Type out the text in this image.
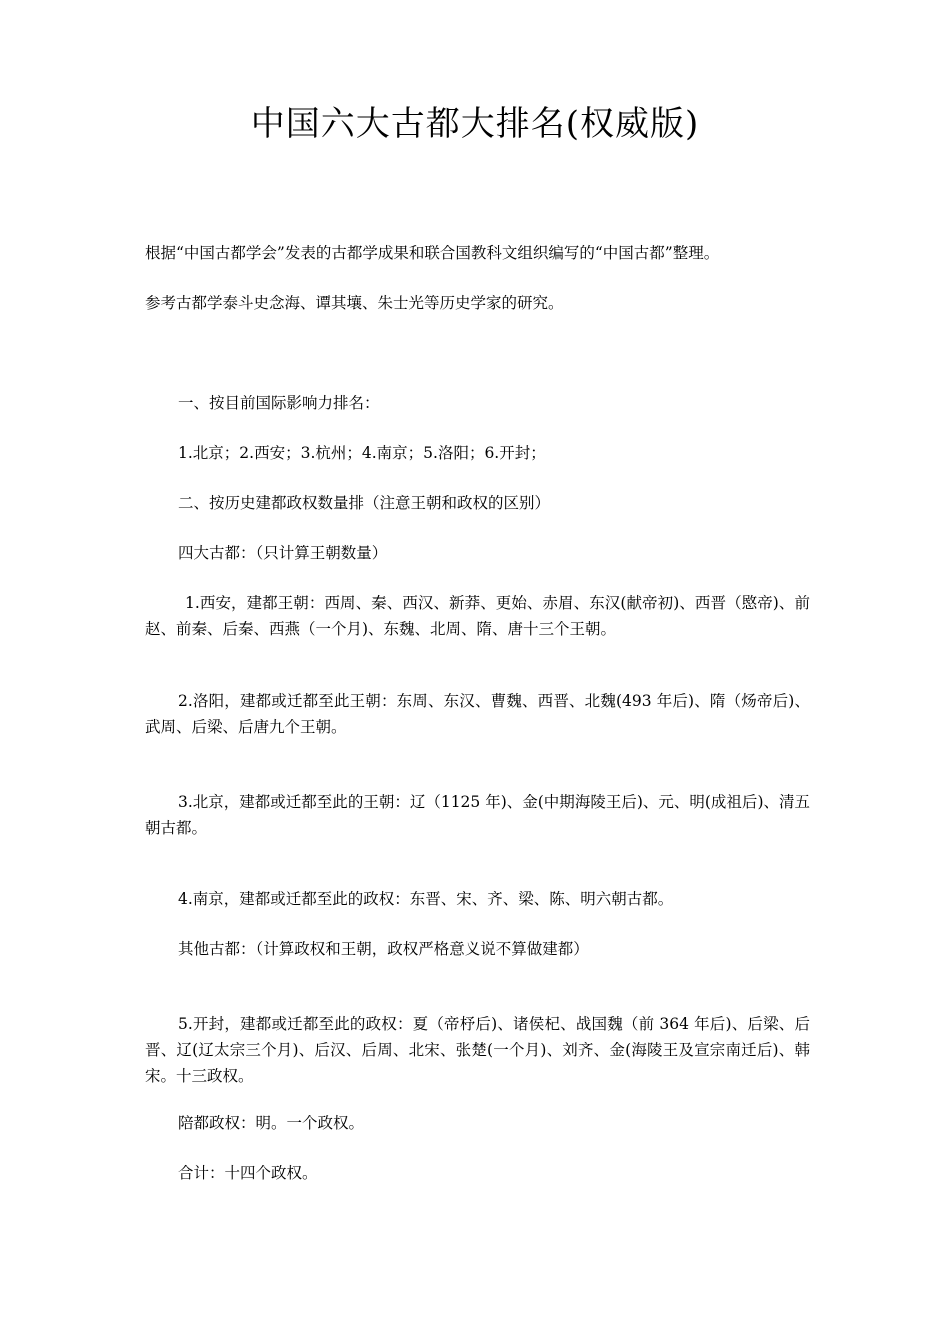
中国六大古都大排名(权威版)
根据“中国古都学会”发表的古都学成果和联合国教科文组织编写的“中国古都”整理。
参考古都学泰斗史念海、谭其壤、朱士光等历史学家的研究。
一、按目前国际影响力排名：
1.北京；2.西安；3.杭州；4.南京；5.洛阳；6.开封；
二、按历史建都政权数量排（注意王朝和政权的区别）
四大古都：（只计算王朝数量）
1.西安，建都王朝：西周、秦、西汉、新莽、更始、赤眉、东汉(献帝初)、西晋（愍帝)、前赵、前秦、后秦、西燕（一个月)、东魏、北周、隋、唐十三个王朝。
2.洛阳，建都或迁都至此王朝：东周、东汉、曹魏、西晋、北魏(493 年后)、隋（炀帝后)、武周、后梁、后唐九个王朝。
3.北京，建都或迁都至此的王朝：辽（1125 年)、金(中期海陵王后)、元、明(成祖后)、清五朝古都。
4.南京，建都或迁都至此的政权：东晋、宋、齐、梁、陈、明六朝古都。
其他古都：（计算政权和王朝，政权严格意义说不算做建都）
5.开封，建都或迁都至此的政权：夏（帝杼后)、诸侯杞、战国魏（前 364 年后)、后梁、后晋、辽(辽太宗三个月)、后汉、后周、北宋、张楚(一个月)、刘齐、金(海陵王及宣宗南迁后)、韩宋。十三政权。
陪都政权：明。一个政权。
合计：十四个政权。
